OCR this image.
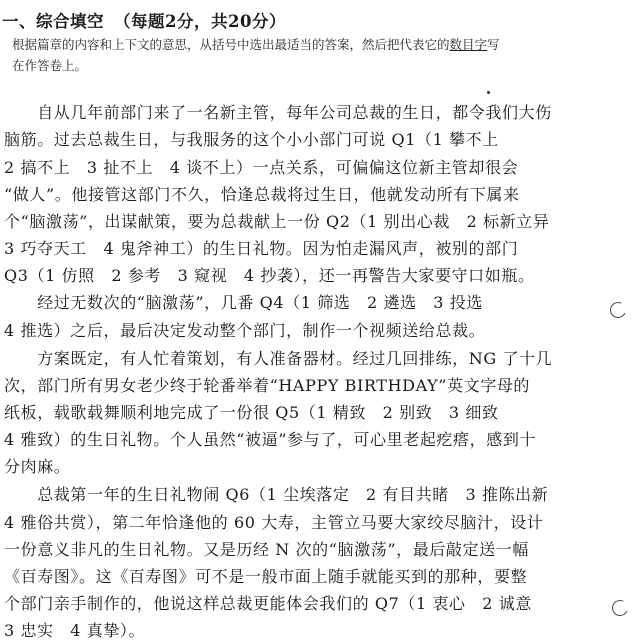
一、综合填空 （每题2分，共20分）
根据篇章的内容和上下文的意思，从括号中选出最适当的答案，然后把代表它的数目字写
在作答卷上。
　　自从几年前部门来了一名新主管，每年公司总裁的生日，都令我们大伤
脑筋。过去总裁生日，与我服务的这个小小部门可说 Q1（1 攀不上
2 搞不上　3 扯不上　4 谈不上）一点关系，可偏偏这位新主管却很会
“做人”。他接管这部门不久，恰逢总裁将过生日，他就发动所有下属来
个“脑激荡”，出谋献策，要为总裁献上一份 Q2（1 别出心裁　2 标新立异
3 巧夺天工　4 鬼斧神工）的生日礼物。因为怕走漏风声，被别的部门
Q3（1 仿照　2 参考　3 窥视　4 抄袭），还一再警告大家要守口如瓶。
　　经过无数次的“脑激荡”，几番 Q4（1 筛选　2 遴选　3 投选
4 推选）之后，最后决定发动整个部门，制作一个视频送给总裁。
　　方案既定，有人忙着策划，有人准备器材。经过几回排练，NG 了十几
次，部门所有男女老少终于轮番举着“HAPPY BIRTHDAY”英文字母的
纸板，载歌载舞顺利地完成了一份很 Q5（1 精致　2 别致　3 细致
4 雅致）的生日礼物。个人虽然“被逼”参与了，可心里老起疙瘩，感到十
分肉麻。
　　总裁第一年的生日礼物闹 Q6（1 尘埃落定　2 有目共睹　3 推陈出新
4 雅俗共赏），第二年恰逢他的 60 大寿，主管立马要大家绞尽脑汁，设计
一份意义非凡的生日礼物。又是历经 N 次的“脑激荡”，最后敲定送一幅
《百寿图》。这《百寿图》可不是一般市面上随手就能买到的那种，要整
个部门亲手制作的，他说这样总裁更能体会我们的 Q7（1 衷心　2 诚意
3 忠实　4 真挚）。
